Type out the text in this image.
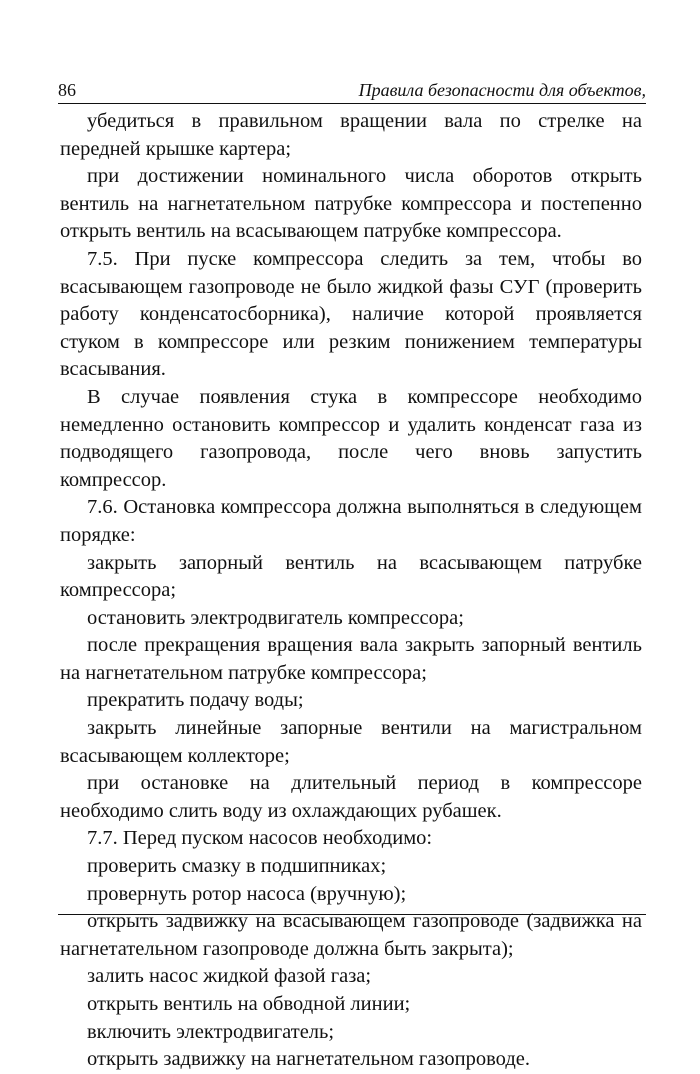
86	Правила безопасности для объектов,

убедиться в правильном вращении вала по стрелке на передней крышке картера;

при достижении номинального числа оборотов открыть вентиль на нагнетательном патрубке компрессора и постепенно открыть вентиль на всасывающем патрубке компрессора.

7.5. При пуске компрессора следить за тем, чтобы во всасывающем газопроводе не было жидкой фазы СУГ (проверить работу конденсатосборника), наличие которой проявляется стуком в компрессоре или резким понижением температуры всасывания.

В случае появления стука в компрессоре необходимо немедленно остановить компрессор и удалить конденсат газа из подводящего газопровода, после чего вновь запустить компрессор.

7.6. Остановка компрессора должна выполняться в следующем порядке:

закрыть запорный вентиль на всасывающем патрубке компрессора;

остановить электродвигатель компрессора;

после прекращения вращения вала закрыть запорный вентиль на нагнетательном патрубке компрессора;

прекратить подачу воды;

закрыть линейные запорные вентили на магистральном всасывающем коллекторе;

при остановке на длительный период в компрессоре необходимо слить воду из охлаждающих рубашек.

7.7. Перед пуском насосов необходимо:

проверить смазку в подшипниках;

провернуть ротор насоса (вручную);

открыть задвижку на всасывающем газопроводе (задвижка на нагнетательном газопроводе должна быть закрыта);

залить насос жидкой фазой газа;

открыть вентиль на обводной линии;

включить электродвигатель;

открыть задвижку на нагнетательном газопроводе.
